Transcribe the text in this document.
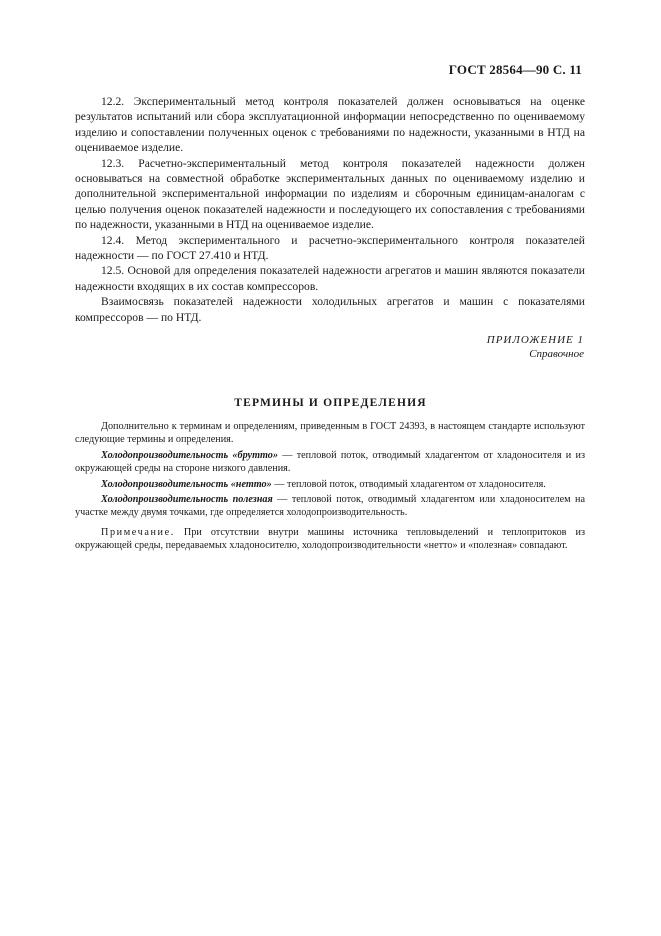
ГОСТ 28564—90 С. 11

12.2. Экспериментальный метод контроля показателей должен основываться на оценке результатов испытаний или сбора эксплуатационной информации непосредственно по оцениваемому изделию и сопоставлении полученных оценок с требованиями по надежности, указанными в НТД на оцениваемое изделие.

12.3. Расчетно-экспериментальный метод контроля показателей надежности должен основываться на совместной обработке экспериментальных данных по оцениваемому изделию и дополнительной экспериментальной информации по изделиям и сборочным единицам-аналогам с целью получения оценок показателей надежности и последующего их сопоставления с требованиями по надежности, указанными в НТД на оцениваемое изделие.

12.4. Метод экспериментального и расчетно-экспериментального контроля показателей надежности — по ГОСТ 27.410 и НТД.

12.5. Основой для определения показателей надежности агрегатов и машин являются показатели надежности входящих в их состав компрессоров.

Взаимосвязь показателей надежности холодильных агрегатов и машин с показателями компрессоров — по НТД.

ПРИЛОЖЕНИЕ 1
Справочное
ТЕРМИНЫ И ОПРЕДЕЛЕНИЯ

Дополнительно к терминам и определениям, приведенным в ГОСТ 24393, в настоящем стандарте используют следующие термины и определения.

Холодопроизводительность «брутто» — тепловой поток, отводимый хладагентом от хладоносителя и из окружающей среды на стороне низкого давления.

Холодопроизводительность «нетто» — тепловой поток, отводимый хладагентом от хладоносителя.

Холодопроизводительность полезная — тепловой поток, отводимый хладагентом или хладоносителем на участке между двумя точками, где определяется холодопроизводительность.

Примечание. При отсутствии внутри машины источника тепловыделений и теплопритоков из окружающей среды, передаваемых хладоносителю, холодопроизводительности «нетто» и «полезная» совпадают.
